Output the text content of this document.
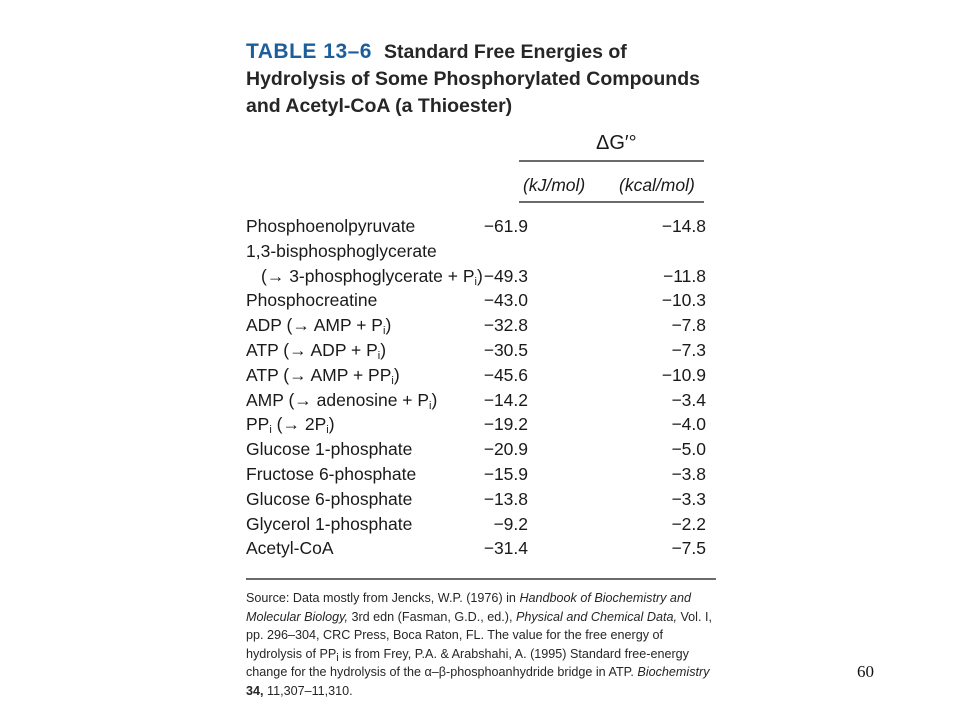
TABLE 13–6 Standard Free Energies of
Hydrolysis of Some Phosphorylated Compounds
and Acetyl-CoA (a Thioester)
ΔG′°
(kJ/mol) (kcal/mol)
Phosphoenolpyruvate	−61.9	−14.8
1,3-bisphosphoglycerate
(→ 3-phosphoglycerate + $P_i) -49.3$	−11.8
Phosphocreatine	−43.0	−10.3
ADP (→ AMP + $P_i$)	−32.8	−7.8
ATP (→ ADP + $P_i$)	−30.5	−7.3
ATP (→ AMP + $PP_i$)	−45.6	−10.9
AMP (→ adenosine + $P_i$)	−14.2	−3.4
$PP_i$ (→ $2P_i$)	−19.2	−4.0
Glucose 1-phosphate	−20.9	−5.0
Fructose 6-phosphate	−15.9	−3.8
Glucose 6-phosphate	−13.8	−3.3
Glycerol 1-phosphate	−9.2	−2.2
Acetyl-CoA	−31.4	−7.5
Source: Data mostly from Jencks, W.P. (1976) in Handbook of Biochemistry and Molecular Biology, 3rd edn (Fasman, G.D., ed.), Physical and Chemical Data, Vol. I, pp. 296–304, CRC Press, Boca Raton, FL. The value for the free energy of hydrolysis of $PP_i$ is from Frey, P.A. & Arabshahi, A. (1995) Standard free-energy change for the hydrolysis of the α–β-phosphoanhydride bridge in ATP. Biochemistry 34, 11,307–11,310.
60
